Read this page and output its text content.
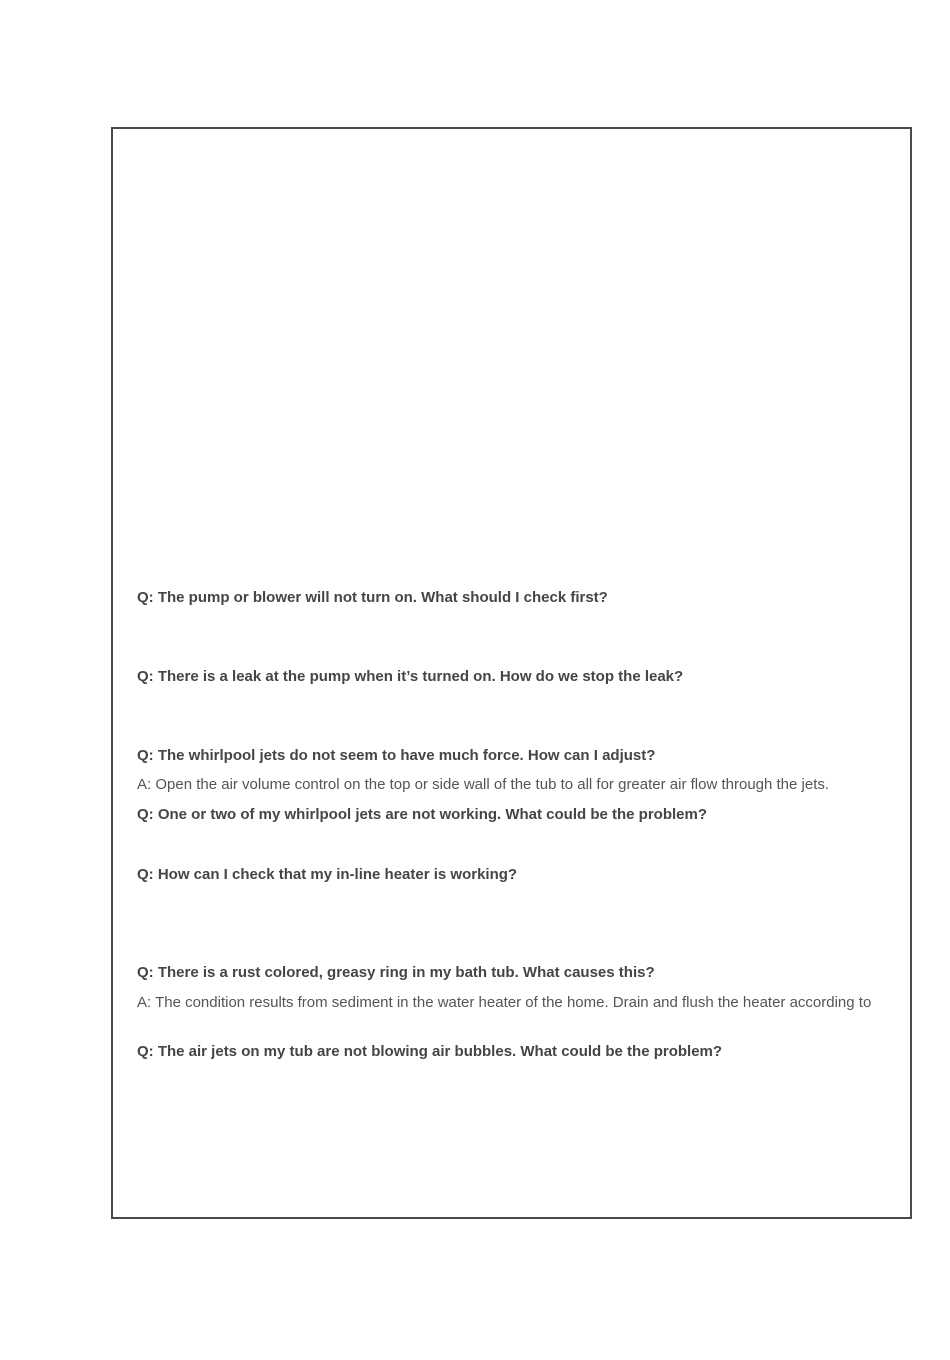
Q: The pump or blower will not turn on. What should I check first?

Q: There is a leak at the pump when it’s turned on. How do we stop the leak?

Q: The whirlpool jets do not seem to have much force. How can I adjust?

A: Open the air volume control on the top or side wall of the tub to all for greater air flow through the jets.

Q: One or two of my whirlpool jets are not working. What could be the problem?

Q: How can I check that my in-line heater is working?

Q: There is a rust colored, greasy ring in my bath tub. What causes this?

A: The condition results from sediment in the water heater of the home. Drain and flush the heater according to

Q: The air jets on my tub are not blowing air bubbles. What could be the problem?
